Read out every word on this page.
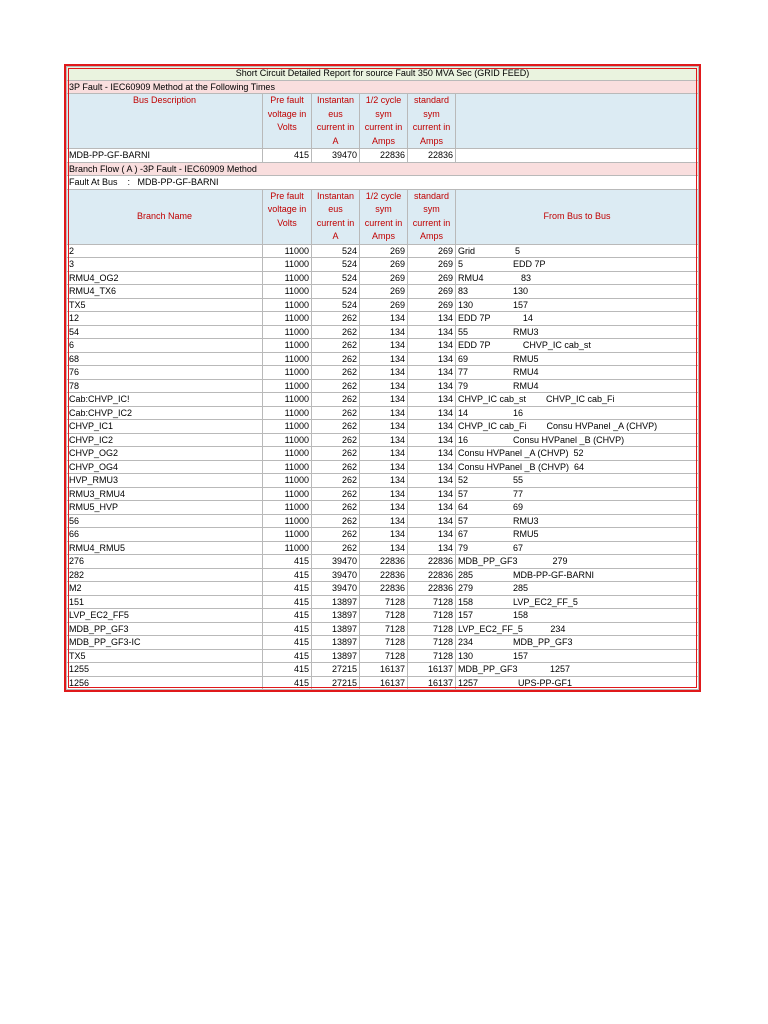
Short Circuit Detailed Report for source Fault 350 MVA Sec (GRID FEED)					
3P Fault - IEC60909 Method at the Following Times					
Bus Description	Pre fault
voltage in
Volts	Instantan
eus
current in
A	1/2 cycle
sym
current in
Amps	standard
sym
current in
Amps	
MDB-PP-GF-BARNI	415	39470	22836	22836	
Branch Flow ( A ) -3P Fault - IEC60909 Method					
Fault At Bus    :   MDB-PP-GF-BARNI					
Branch Name	Pre fault
voltage in
Volts	Instantan
eus
current in
A	1/2 cycle
sym
current in
Amps	standard
sym
current in
Amps	From Bus to Bus
2	11000	524	269	269	Grid                5
3	11000	524	269	269	5                    EDD 7P
RMU4_OG2	11000	524	269	269	RMU4               83
RMU4_TX6	11000	524	269	269	83                  130
TX5	11000	524	269	269	130                157
12	11000	262	134	134	EDD 7P             14
54	11000	262	134	134	55                  RMU3
6	11000	262	134	134	EDD 7P             CHVP_IC cab_st
68	11000	262	134	134	69                  RMU5
76	11000	262	134	134	77                  RMU4
78	11000	262	134	134	79                  RMU4
Cab:CHVP_IC!	11000	262	134	134	CHVP_IC cab_st        CHVP_IC cab_Fi
Cab:CHVP_IC2	11000	262	134	134	14                  16
CHVP_IC1	11000	262	134	134	CHVP_IC cab_Fi        Consu HVPanel _A (CHVP)
CHVP_IC2	11000	262	134	134	16                  Consu HVPanel _B (CHVP)
CHVP_OG2	11000	262	134	134	Consu HVPanel _A (CHVP)  52
CHVP_OG4	11000	262	134	134	Consu HVPanel _B (CHVP)  64
HVP_RMU3	11000	262	134	134	52                  55
RMU3_RMU4	11000	262	134	134	57                  77
RMU5_HVP	11000	262	134	134	64                  69
56	11000	262	134	134	57                  RMU3
66	11000	262	134	134	67                  RMU5
RMU4_RMU5	11000	262	134	134	79                  67
276	415	39470	22836	22836	MDB_PP_GF3              279
282	415	39470	22836	22836	285                MDB-PP-GF-BARNI
M2	415	39470	22836	22836	279                285
151	415	13897	7128	7128	158                LVP_EC2_FF_5
LVP_EC2_FF5	415	13897	7128	7128	157                158
MDB_PP_GF3	415	13897	7128	7128	LVP_EC2_FF_5           234
MDB_PP_GF3-IC	415	13897	7128	7128	234                MDB_PP_GF3
TX5	415	13897	7128	7128	130                157
1255	415	27215	16137	16137	MDB_PP_GF3             1257
1256	415	27215	16137	16137	1257                UPS-PP-GF1
